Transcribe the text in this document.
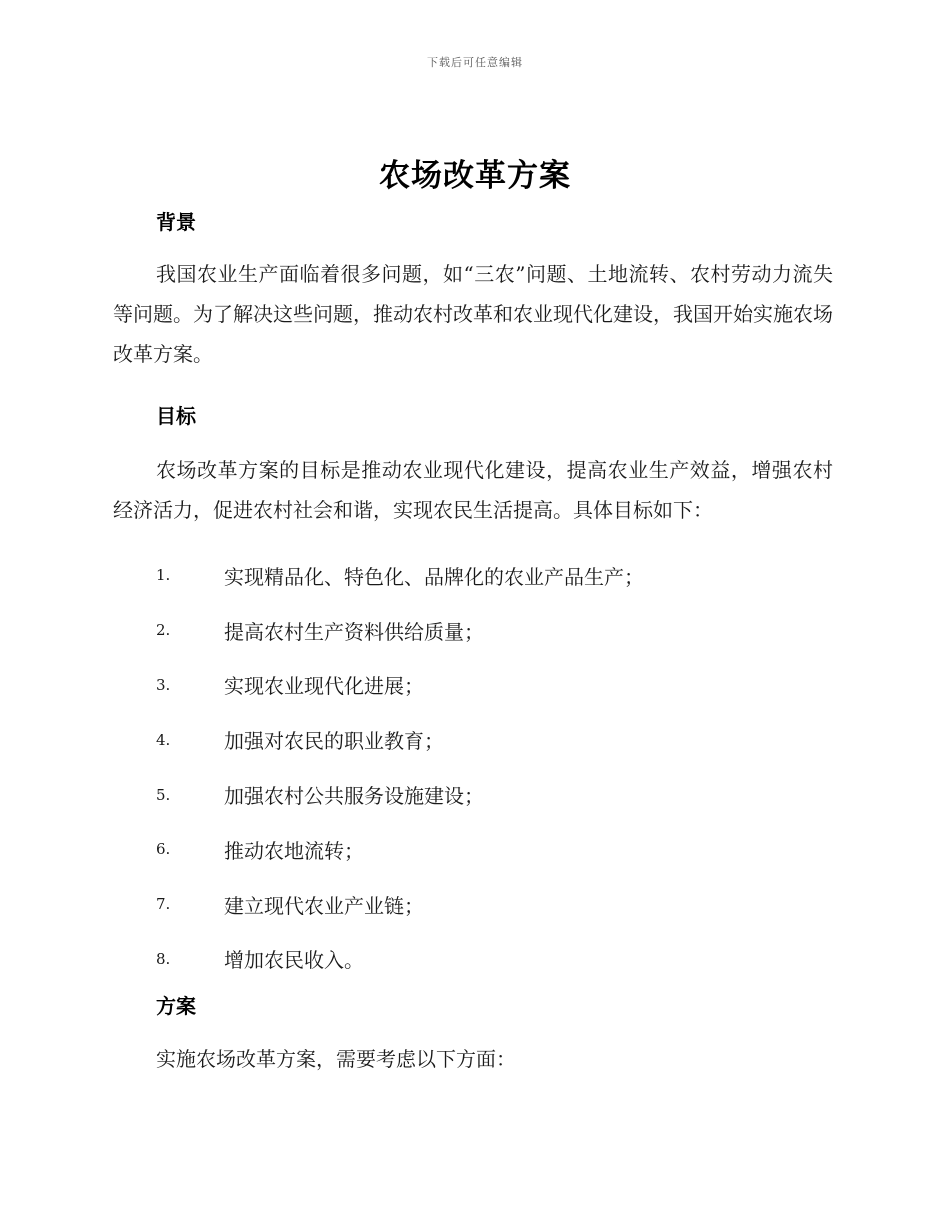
下载后可任意编辑
农场改革方案
背景

我国农业生产面临着很多问题，如“三农”问题、土地流转、农村劳动力流失等问题。为了解决这些问题，推动农村改革和农业现代化建设，我国开始实施农场改革方案。

目标

农场改革方案的目标是推动农业现代化建设，提高农业生产效益，增强农村经济活力，促进农村社会和谐，实现农民生活提高。具体目标如下：

1.	实现精品化、特色化、品牌化的农业产品生产；
2.	提高农村生产资料供给质量；
3.	实现农业现代化进展；
4.	加强对农民的职业教育；
5.	加强农村公共服务设施建设；
6.	推动农地流转；
7.	建立现代农业产业链；
8.	增加农民收入。
方案

实施农场改革方案，需要考虑以下方面：
